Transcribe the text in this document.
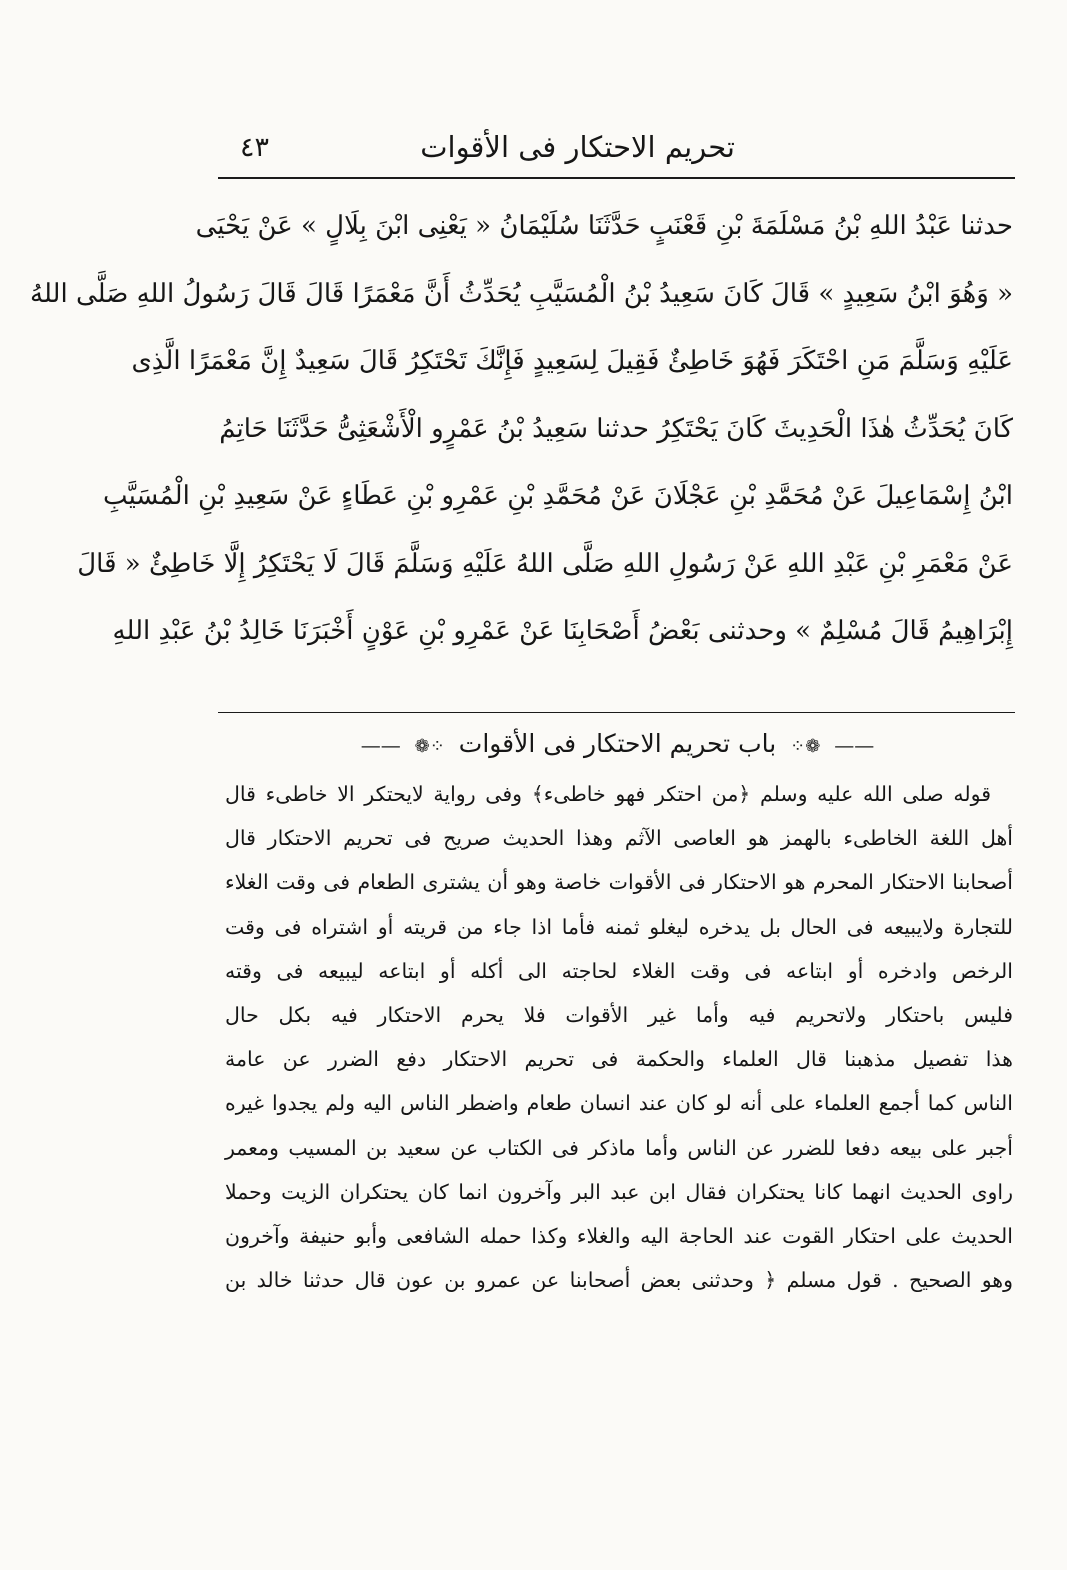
تحريم الاحتكار فى الأقوات
٤٣
حدثنا عَبْدُ اللهِ بْنُ مَسْلَمَةَ بْنِ قَعْنَبٍ حَدَّثَنَا سُلَيْمَانُ « يَعْنِى ابْنَ بِلَالٍ » عَنْ يَحْيَى
« وَهُوَ ابْنُ سَعِيدٍ » قَالَ كَانَ سَعِيدُ بْنُ الْمُسَيَّبِ يُحَدِّثُ أَنَّ مَعْمَرًا قَالَ قَالَ رَسُولُ اللهِ صَلَّى اللهُ
عَلَيْهِ وَسَلَّمَ مَنِ احْتَكَرَ فَهُوَ خَاطِئٌ فَقِيلَ لِسَعِيدٍ فَإِنَّكَ تَحْتَكِرُ قَالَ سَعِيدٌ إِنَّ مَعْمَرًا الَّذِى
كَانَ يُحَدِّثُ هٰذَا الْحَدِيثَ كَانَ يَحْتَكِرُ حدثنا سَعِيدُ بْنُ عَمْرٍو الْأَشْعَثِىُّ حَدَّثَنَا حَاتِمُ
ابْنُ إِسْمَاعِيلَ عَنْ مُحَمَّدِ بْنِ عَجْلَانَ عَنْ مُحَمَّدِ بْنِ عَمْرِو بْنِ عَطَاءٍ عَنْ سَعِيدِ بْنِ الْمُسَيَّبِ
عَنْ مَعْمَرِ بْنِ عَبْدِ اللهِ عَنْ رَسُولِ اللهِ صَلَّى اللهُ عَلَيْهِ وَسَلَّمَ قَالَ لَا يَحْتَكِرُ إِلَّا خَاطِئٌ « قَالَ
إِبْرَاهِيمُ قَالَ مُسْلِمٌ » وحدثنى بَعْضُ أَصْحَابِنَا عَنْ عَمْرِو بْنِ عَوْنٍ أَخْبَرَنَا خَالِدُ بْنُ عَبْدِ اللهِ
—— ❁⁘ باب تحريم الاحتكار فى الأقوات ⁘❁ ——
قوله صلى الله عليه وسلم ﴿من احتكر فهو خاطىء﴾ وفى رواية لايحتكر الا خاطىء قال
أهل اللغة الخاطىء بالهمز هو العاصى الآثم وهذا الحديث صريح فى تحريم الاحتكار قال
أصحابنا الاحتكار المحرم هو الاحتكار فى الأقوات خاصة وهو أن يشترى الطعام فى وقت الغلاء
للتجارة ولايبيعه فى الحال بل يدخره ليغلو ثمنه فأما اذا جاء من قريته أو اشتراه فى وقت
الرخص وادخره أو ابتاعه فى وقت الغلاء لحاجته الى أكله أو ابتاعه ليبيعه فى وقته
فليس باحتكار ولاتحريم فيه وأما غير الأقوات فلا يحرم الاحتكار فيه بكل حال
هذا تفصيل مذهبنا قال العلماء والحكمة فى تحريم الاحتكار دفع الضرر عن عامة
الناس كما أجمع العلماء على أنه لو كان عند انسان طعام واضطر الناس اليه ولم يجدوا غيره
أجبر على بيعه دفعا للضرر عن الناس وأما ماذكر فى الكتاب عن سعيد بن المسيب ومعمر
راوى الحديث انهما كانا يحتكران فقال ابن عبد البر وآخرون انما كان يحتكران الزيت وحملا
الحديث على احتكار القوت عند الحاجة اليه والغلاء وكذا حمله الشافعى وأبو حنيفة وآخرون
وهو الصحيح . قول مسلم ﴿ وحدثنى بعض أصحابنا عن عمرو بن عون قال حدثنا خالد بن
